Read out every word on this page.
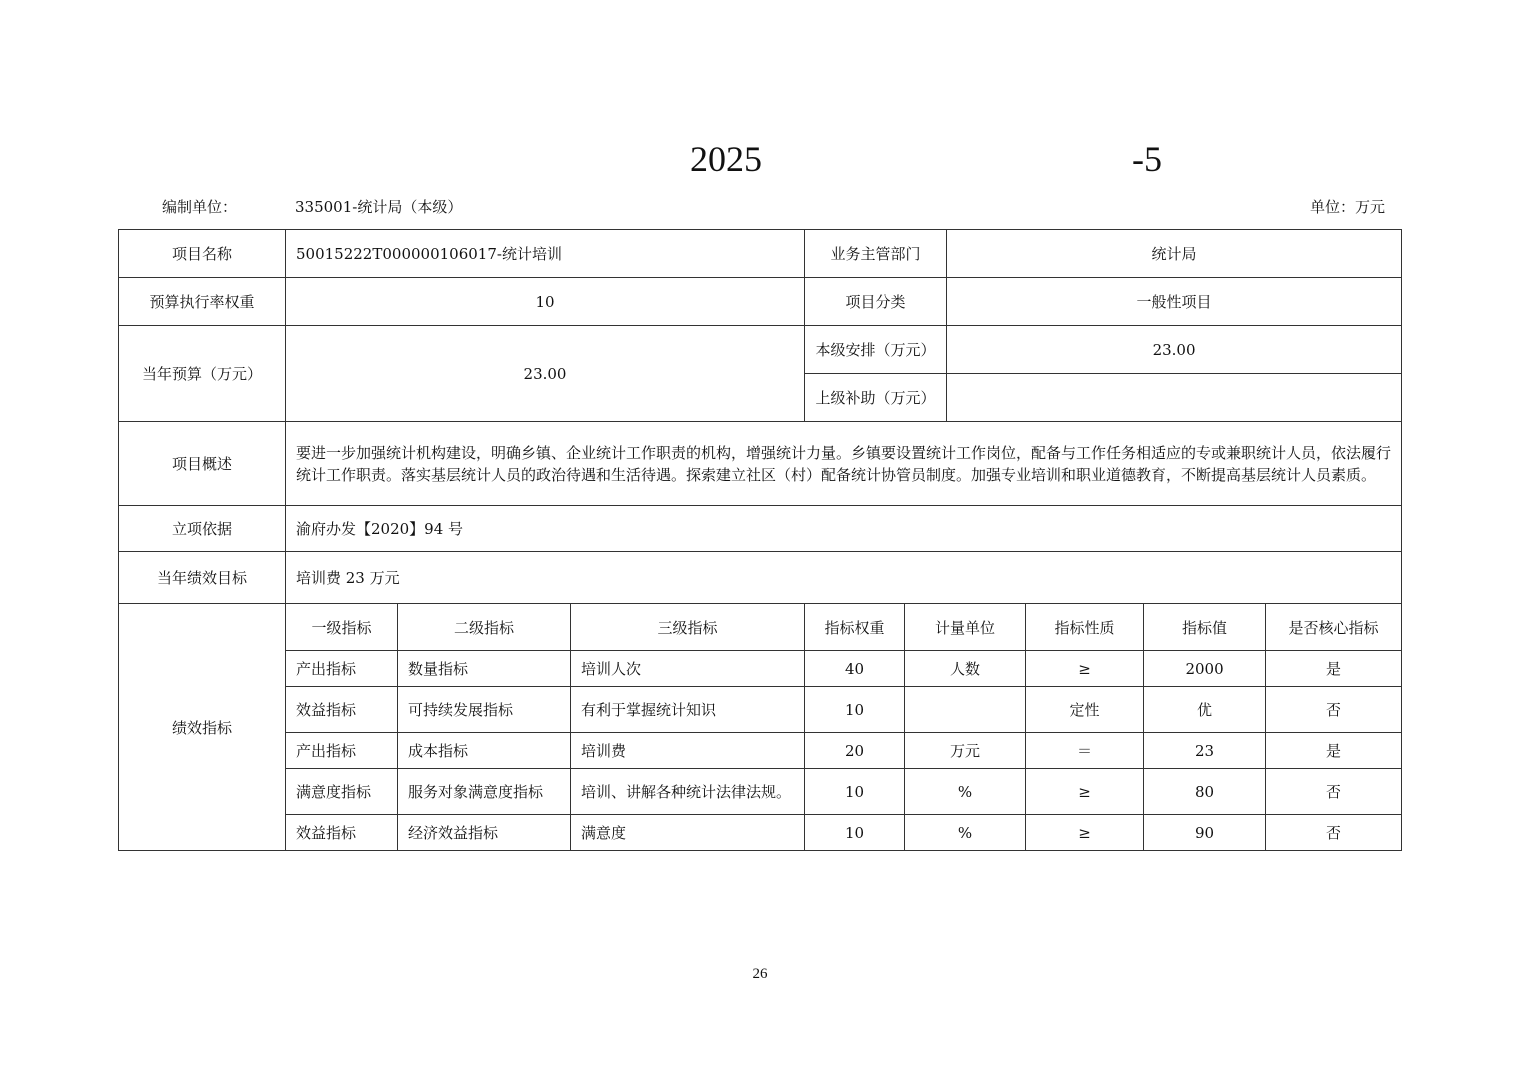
2025	-5
编制单位：	335001-统计局（本级）	单位：万元
项目名称	50015222T000000106017-统计培训			业务主管部门		统计局			
预算执行率权重	10			项目分类		一般性项目			
当年预算（万元）	23.00			本级安排（万元）		23.00			
				上级补助（万元）					
项目概述	要进一步加强统计机构建设，明确乡镇、企业统计工作职责的机构，增强统计力量。乡镇要设置统计工作岗位，配备与工作任务相适应的专或兼职统计人员，依法履行统计工作职责。落实基层统计人员的政治待遇和生活待遇。探索建立社区（村）配备统计协管员制度。加强专业培训和职业道德教育，不断提高基层统计人员素质。								
立项依据	渝府办发【2020】94 号								
当年绩效目标	培训费 23 万元								
绩效指标	一级指标	二级指标	三级指标	指标权重	计量单位		指标性质	指标值	是否核心指标
	产出指标	数量指标	培训人次	40	人数		≥	2000	是
	效益指标	可持续发展指标	有利于掌握统计知识	10			定性	优	否
	产出指标	成本指标	培训费	20	万元		＝	23	是
	满意度指标	服务对象满意度指标	培训、讲解各种统计法律法规。	10	%		≥	80	否
	效益指标	经济效益指标	满意度	10	%		≥	90	否
26
